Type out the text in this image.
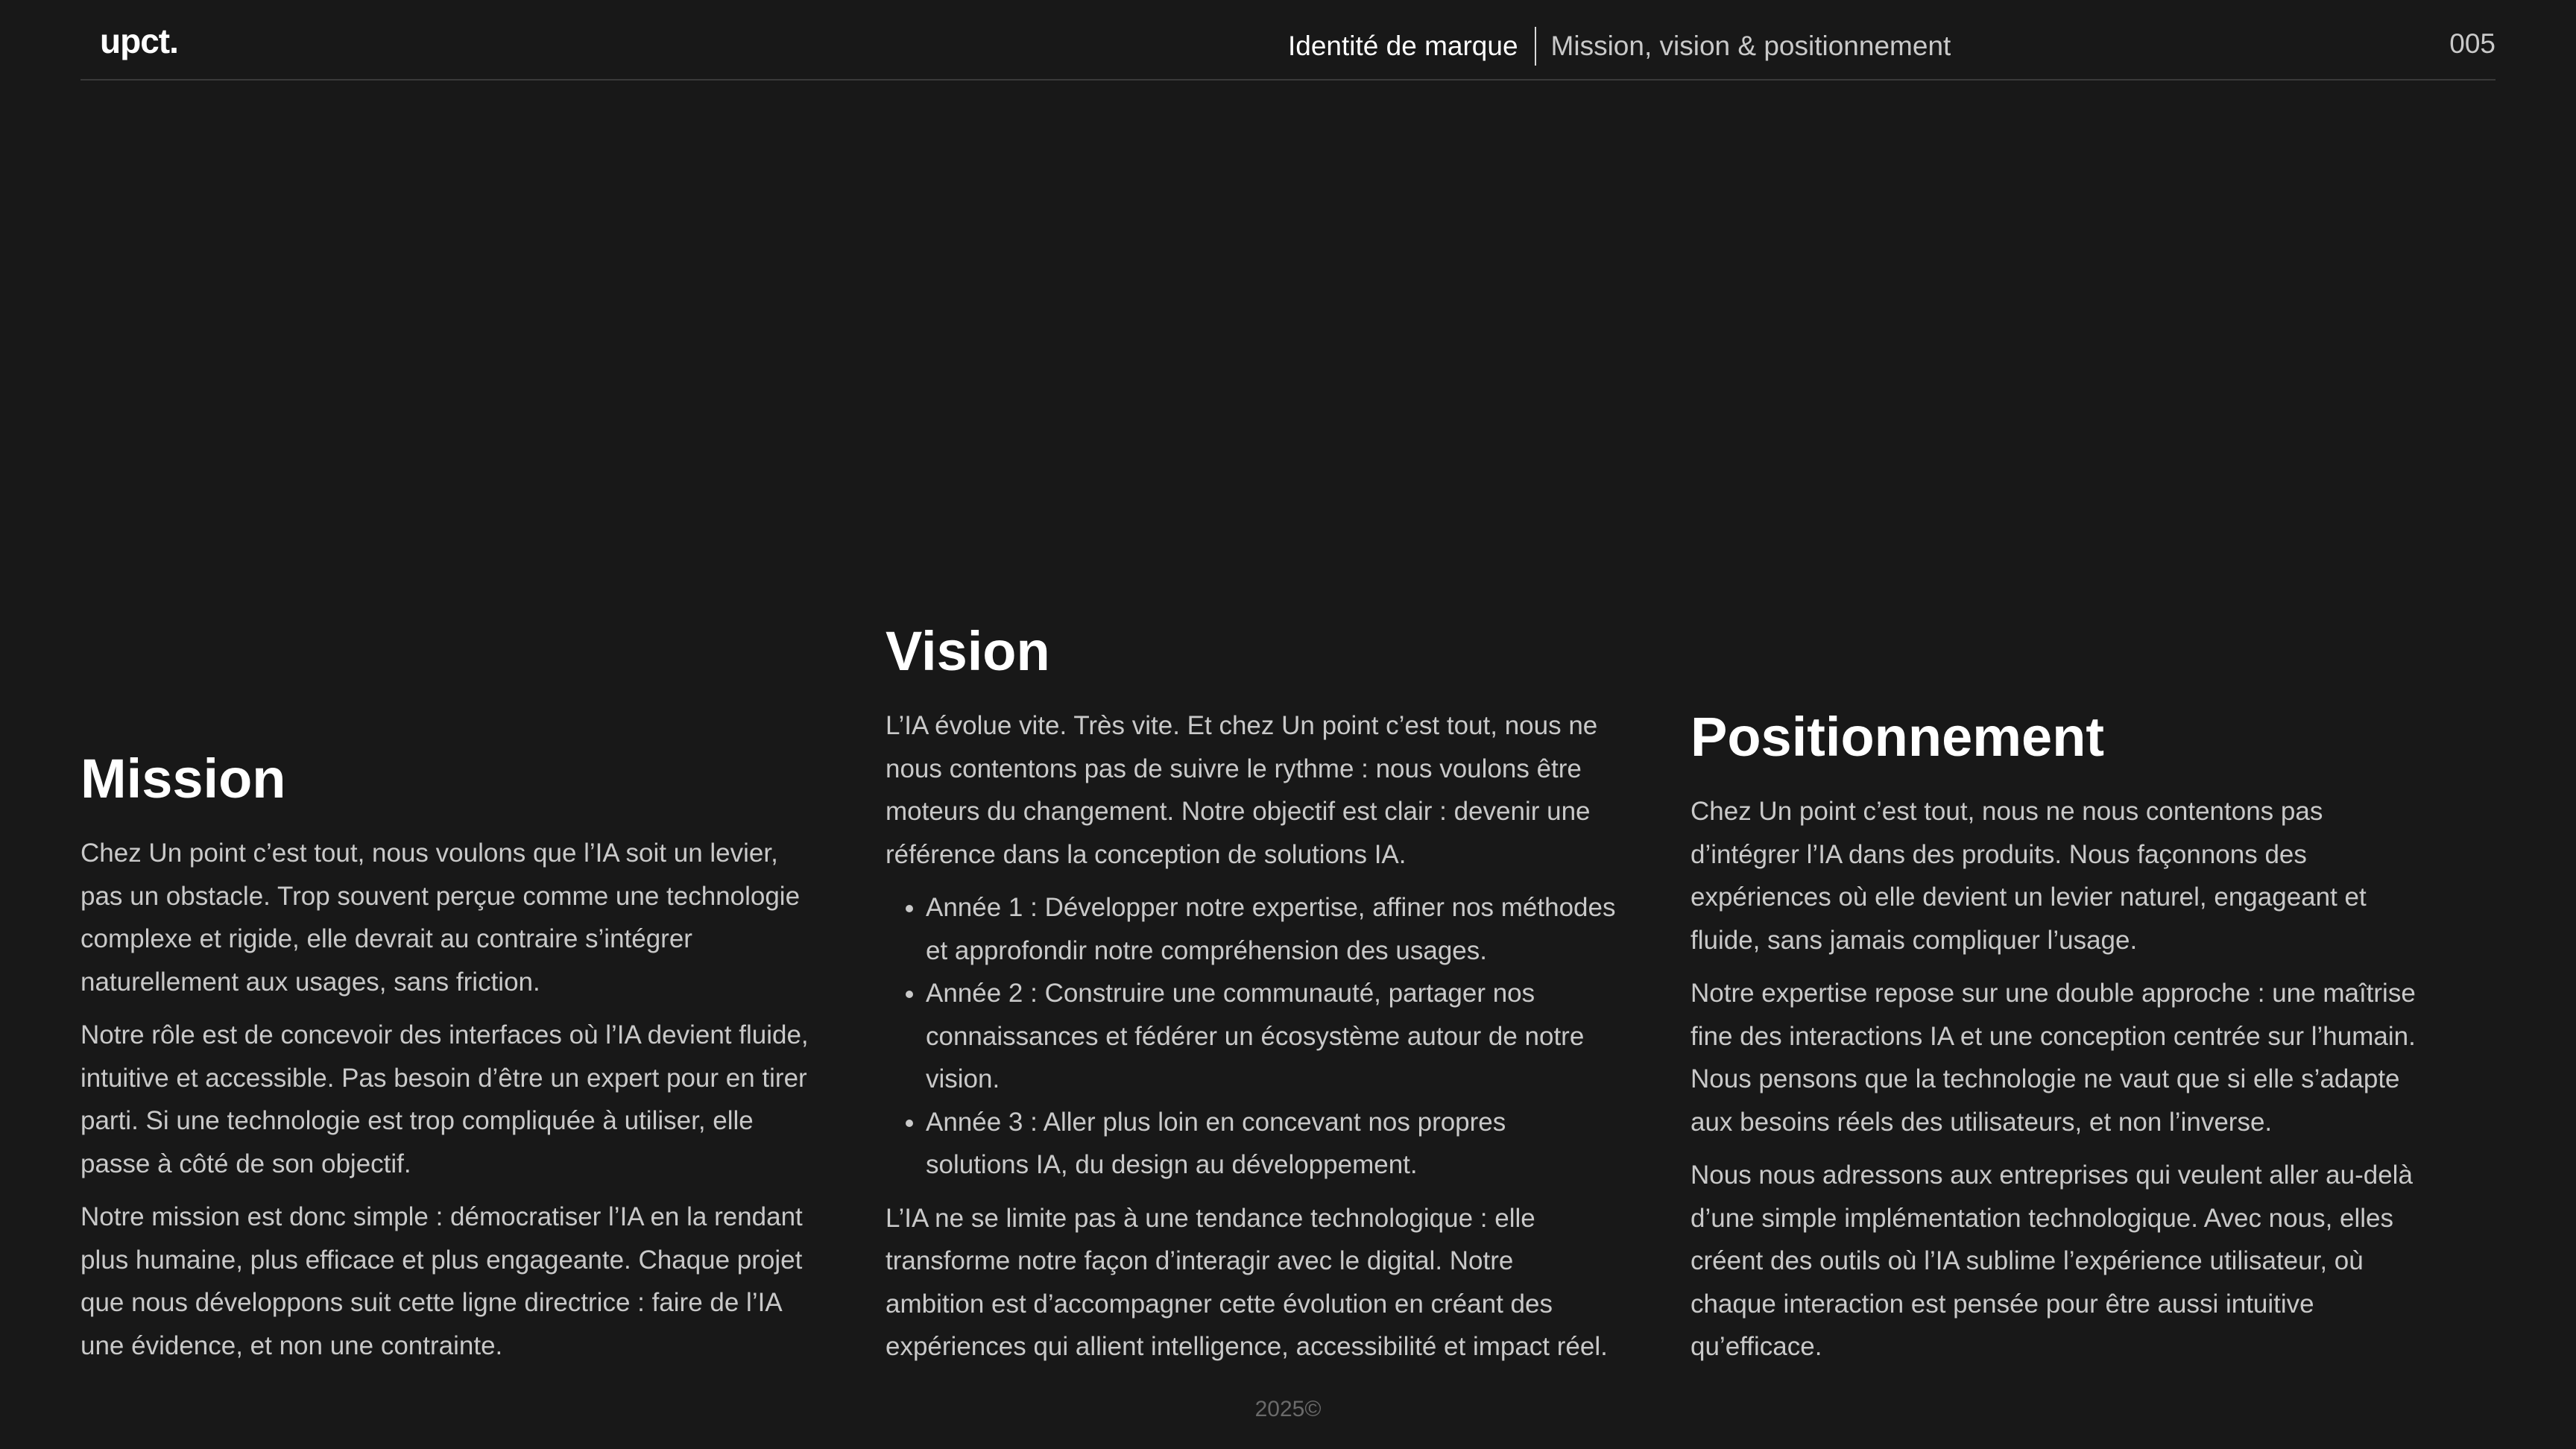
upct.	Identité de marque	Mission, vision & positionnement	005
Mission

Chez Un point c’est tout, nous voulons que l’IA soit un levier, pas un obstacle. Trop souvent perçue comme une technologie complexe et rigide, elle devrait au contraire s’intégrer naturellement aux usages, sans friction.

Notre rôle est de concevoir des interfaces où l’IA devient fluide, intuitive et accessible. Pas besoin d’être un expert pour en tirer parti. Si une technologie est trop compliquée à utiliser, elle passe à côté de son objectif.

Notre mission est donc simple : démocratiser l’IA en la rendant plus humaine, plus efficace et plus engageante. Chaque projet que nous développons suit cette ligne directrice : faire de l’IA une évidence, et non une contrainte.

Vision

L’IA évolue vite. Très vite. Et chez Un point c’est tout, nous ne nous contentons pas de suivre le rythme : nous voulons être moteurs du changement. Notre objectif est clair : devenir une référence dans la conception de solutions IA.

• Année 1 : Développer notre expertise, affiner nos méthodes et approfondir notre compréhension des usages.
• Année 2 : Construire une communauté, partager nos connaissances et fédérer un écosystème autour de notre vision.
• Année 3 : Aller plus loin en concevant nos propres solutions IA, du design au développement.

L’IA ne se limite pas à une tendance technologique : elle transforme notre façon d’interagir avec le digital. Notre ambition est d’accompagner cette évolution en créant des expériences qui allient intelligence, accessibilité et impact réel.

Positionnement

Chez Un point c’est tout, nous ne nous contentons pas d’intégrer l’IA dans des produits. Nous façonnons des expériences où elle devient un levier naturel, engageant et fluide, sans jamais compliquer l’usage.

Notre expertise repose sur une double approche : une maîtrise fine des interactions IA et une conception centrée sur l’humain. Nous pensons que la technologie ne vaut que si elle s’adapte aux besoins réels des utilisateurs, et non l’inverse.

Nous nous adressons aux entreprises qui veulent aller au-delà d’une simple implémentation technologique. Avec nous, elles créent des outils où l’IA sublime l’expérience utilisateur, où chaque interaction est pensée pour être aussi intuitive qu’efficace.

2025©
